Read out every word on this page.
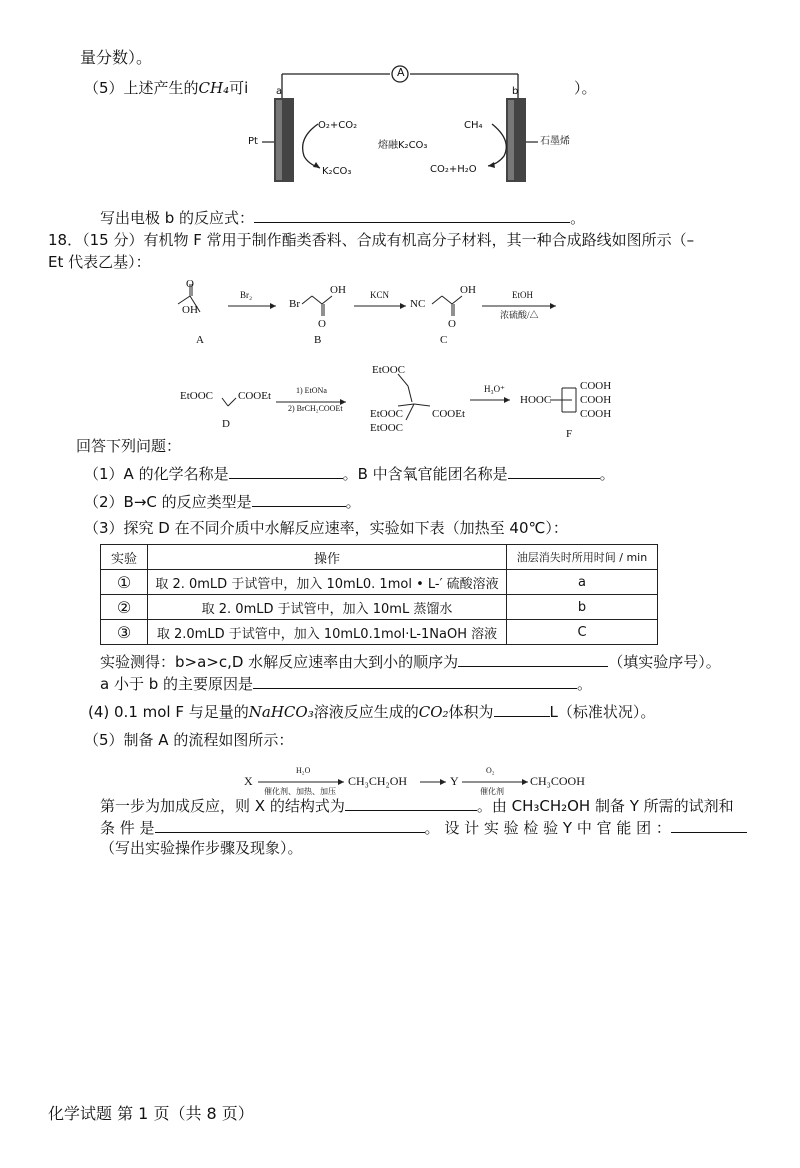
量分数）。
（5）上述产生的CH₄可i	）。
A
a	b
Pt	石墨烯
O₂+CO₂
K₂CO₃
熔融K₂CO₃
CH₄
CO₂+H₂O
写出电极 b 的反应式：	。
18．（15 分）有机物 F 常用于制作酯类香料、合成有机高分子材料，其一种合成路线如图所示（–
Et 代表乙基）：
OH
O
Br₂
Br
OH
O
KCN
NC
OH
O
EtOH
浓硫酸/△
A	B	C
EtOOC COOEt
D
1) EtONa
2) BrCH₂COOEt
EtOOC
EtOOC	COOEt
EtOOC
H₃O⁺
HOOC
COOH
COOH
COOH
F
回答下列问题：
（1）A 的化学名称是	。B 中含氧官能团名称是	。
（2）B→C 的反应类型是	。
（3）探究 D 在不同介质中水解反应速率，实验如下表（加热至 40℃）：
实验	操作	油层消失时所用时间 / min
①	取 2. 0mLD 于试管中，加入 10mL0. 1mol • L-′ 硫酸溶液	a
②	取 2. 0mLD 于试管中，加入 10mL 蒸馏水	b
③	取 2.0mLD 于试管中，加入 10mL0.1mol·L-1NaOH 溶液	C
实验测得：b>a>c,D 水解反应速率由大到小的顺序为	（填实验序号）。
a 小于 b 的主要原因是	。
(4) 0.1 mol F 与足量的NaHCO₃溶液反应生成的CO₂体积为	L（标准状况）。
（5）制备 A 的流程如图所示：
X
H₂O
催化剂、加热、加压
CH₃CH₂OH	Y
O₂
催化剂
CH₃COOH
第一步为加成反应，则 X 的结构式为	。由 CH₃CH₂OH 制备 Y 所需的试剂和
条 件 是	。 设 计 实 验 检 验 Y 中 官 能 团 ：
（写出实验操作步骤及现象）。
化学试题 第 1 页（共 8 页）
